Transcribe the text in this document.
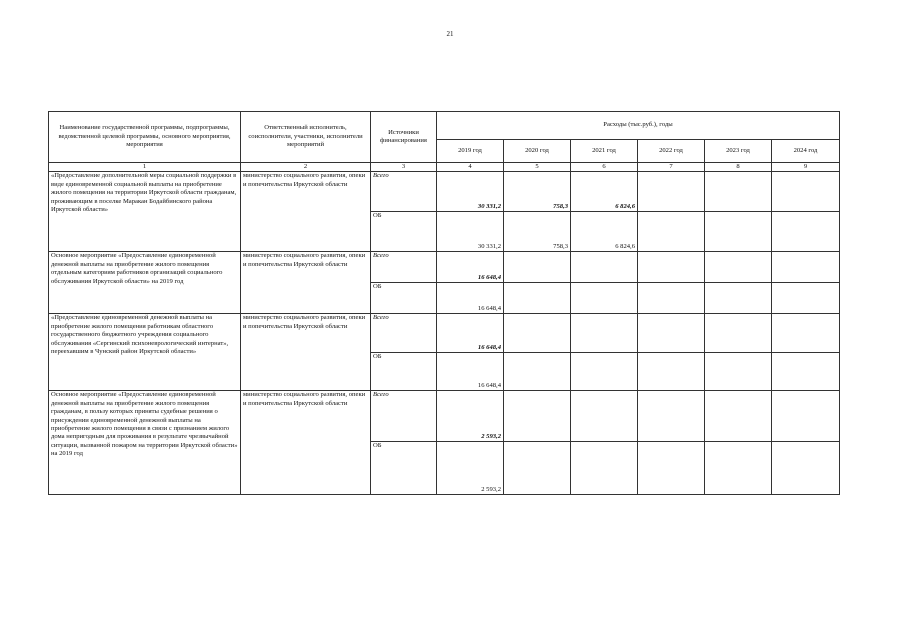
21
Наименование государственной программы, подпрограммы, ведомственной целевой программы, основного мероприятия, мероприятия	Ответственный исполнитель, соисполнители, участники, исполнители мероприятий	Источники финансирования	Расходы (тыс.руб.), годы					
			2019 год	2020 год	2021 год	2022 год	2023 год	2024 год
1	2	3	4	5	6	7	8	9
«Предоставление дополнительной меры социальной поддержки в виде единовременной социальной выплаты на приобретение жилого помещения на территории Иркутской области гражданам, проживающим в поселке Маракан Бодайбинского района Иркутской области»	министерство социального развития, опеки и попечительства Иркутской области	Всего	30 331,2	758,3	6 824,6			
		ОБ	30 331,2	758,3	6 824,6			
Основное мероприятие «Предоставление единовременной денежной выплаты на приобретение жилого помещения отдельным категориям работников организаций социального обслуживания Иркутской области» на 2019 год	министерство социального развития, опеки и попечительства Иркутской области	Всего	16 648,4					
		ОБ	16 648,4					
«Предоставление единовременной денежной выплаты на приобретение жилого помещения работникам областного государственного бюджетного учреждения социального обслуживания «Сергинский психоневрологический интернат», переехавшим в Чунский район Иркутской области»	министерство социального развития, опеки и попечительства Иркутской области	Всего	16 648,4					
		ОБ	16 648,4					
Основное мероприятие «Предоставление единовременной денежной выплаты на приобретение жилого помещения гражданам, в пользу которых приняты судебные решения о присуждении единовременной денежной выплаты на приобретение жилого помещения в связи с признанием жилого дома непригодным для проживания в результате чрезвычайной ситуации, вызванной пожаром на территории Иркутской области» на 2019 год	министерство социального развития, опеки и попечительства Иркутской области	Всего	2 593,2					
		ОБ	2 593,2					
